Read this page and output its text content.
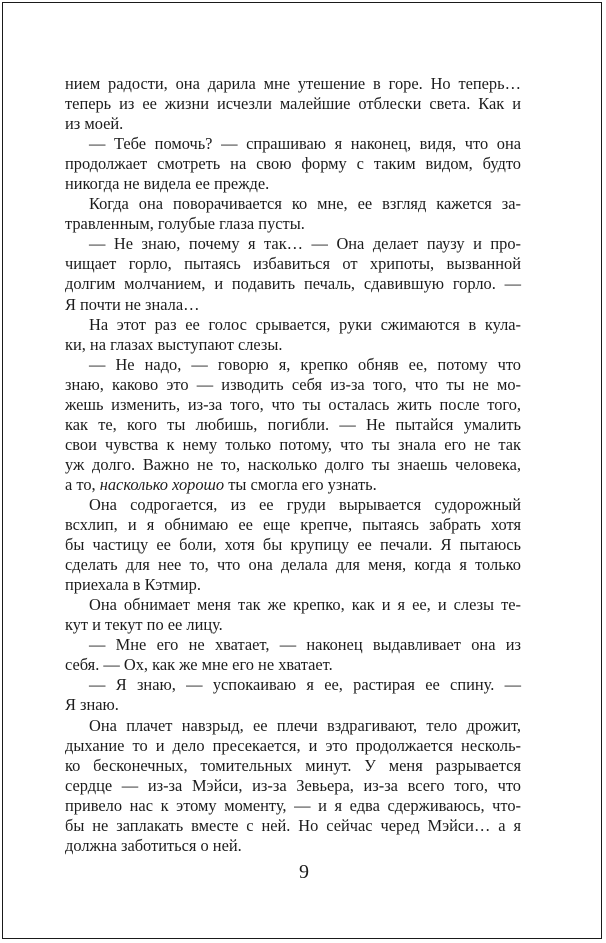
нием радости, она дарила мне утешение в горе. Но теперь…
теперь из ее жизни исчезли малейшие отблески света. Как и
из моей.
— Тебе помочь? — спрашиваю я наконец, видя, что она
продолжает смотреть на свою форму с таким видом, будто
никогда не видела ее прежде.
Когда она поворачивается ко мне, ее взгляд кажется за-
травленным, голубые глаза пусты.
— Не знаю, почему я так… — Она делает паузу и про-
чищает горло, пытаясь избавиться от хрипоты, вызванной
долгим молчанием, и подавить печаль, сдавившую горло. —
Я почти не знала…
На этот раз ее голос срывается, руки сжимаются в кула-
ки, на глазах выступают слезы.
— Не надо, — говорю я, крепко обняв ее, потому что
знаю, каково это — изводить себя из-за того, что ты не мо-
жешь изменить, из-за того, что ты осталась жить после того,
как те, кого ты любишь, погибли. — Не пытайся умалить
свои чувства к нему только потому, что ты знала его не так
уж долго. Важно не то, насколько долго ты знаешь человека,
а то, насколько хорошо ты смогла его узнать.
Она содрогается, из ее груди вырывается судорожный
всхлип, и я обнимаю ее еще крепче, пытаясь забрать хотя
бы частицу ее боли, хотя бы крупицу ее печали. Я пытаюсь
сделать для нее то, что она делала для меня, когда я только
приехала в Кэтмир.
Она обнимает меня так же крепко, как и я ее, и слезы те-
кут и текут по ее лицу.
— Мне его не хватает, — наконец выдавливает она из
себя. — Ох, как же мне его не хватает.
— Я знаю, — успокаиваю я ее, растирая ее спину. —
Я знаю.
Она плачет навзрыд, ее плечи вздрагивают, тело дрожит,
дыхание то и дело пресекается, и это продолжается несколь-
ко бесконечных, томительных минут. У меня разрывается
сердце — из-за Мэйси, из-за Зевьера, из-за всего того, что
привело нас к этому моменту, — и я едва сдерживаюсь, что-
бы не заплакать вместе с ней. Но сейчас черед Мэйси… а я
должна заботиться о ней.
9
